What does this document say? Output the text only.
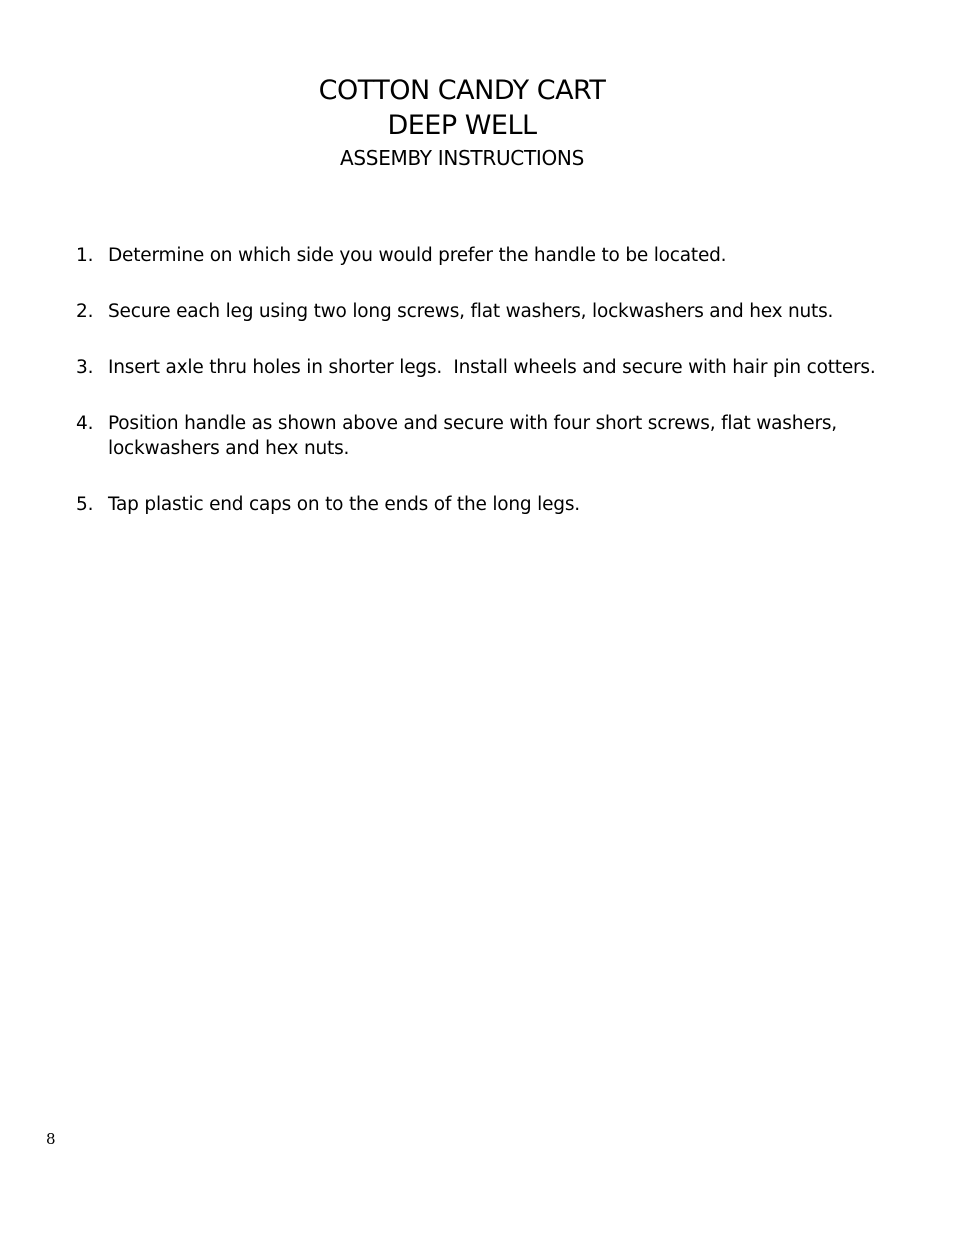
COTTON CANDY CART
DEEP WELL
ASSEMBY INSTRUCTIONS
1. Determine on which side you would prefer the handle to be located.
2. Secure each leg using two long screws, flat washers, lockwashers and hex nuts.
3. Insert axle thru holes in shorter legs.  Install wheels and secure with hair pin cotters.
4. Position handle as shown above and secure with four short screws, flat washers, lockwashers and hex nuts.
5. Tap plastic end caps on to the ends of the long legs.
8
